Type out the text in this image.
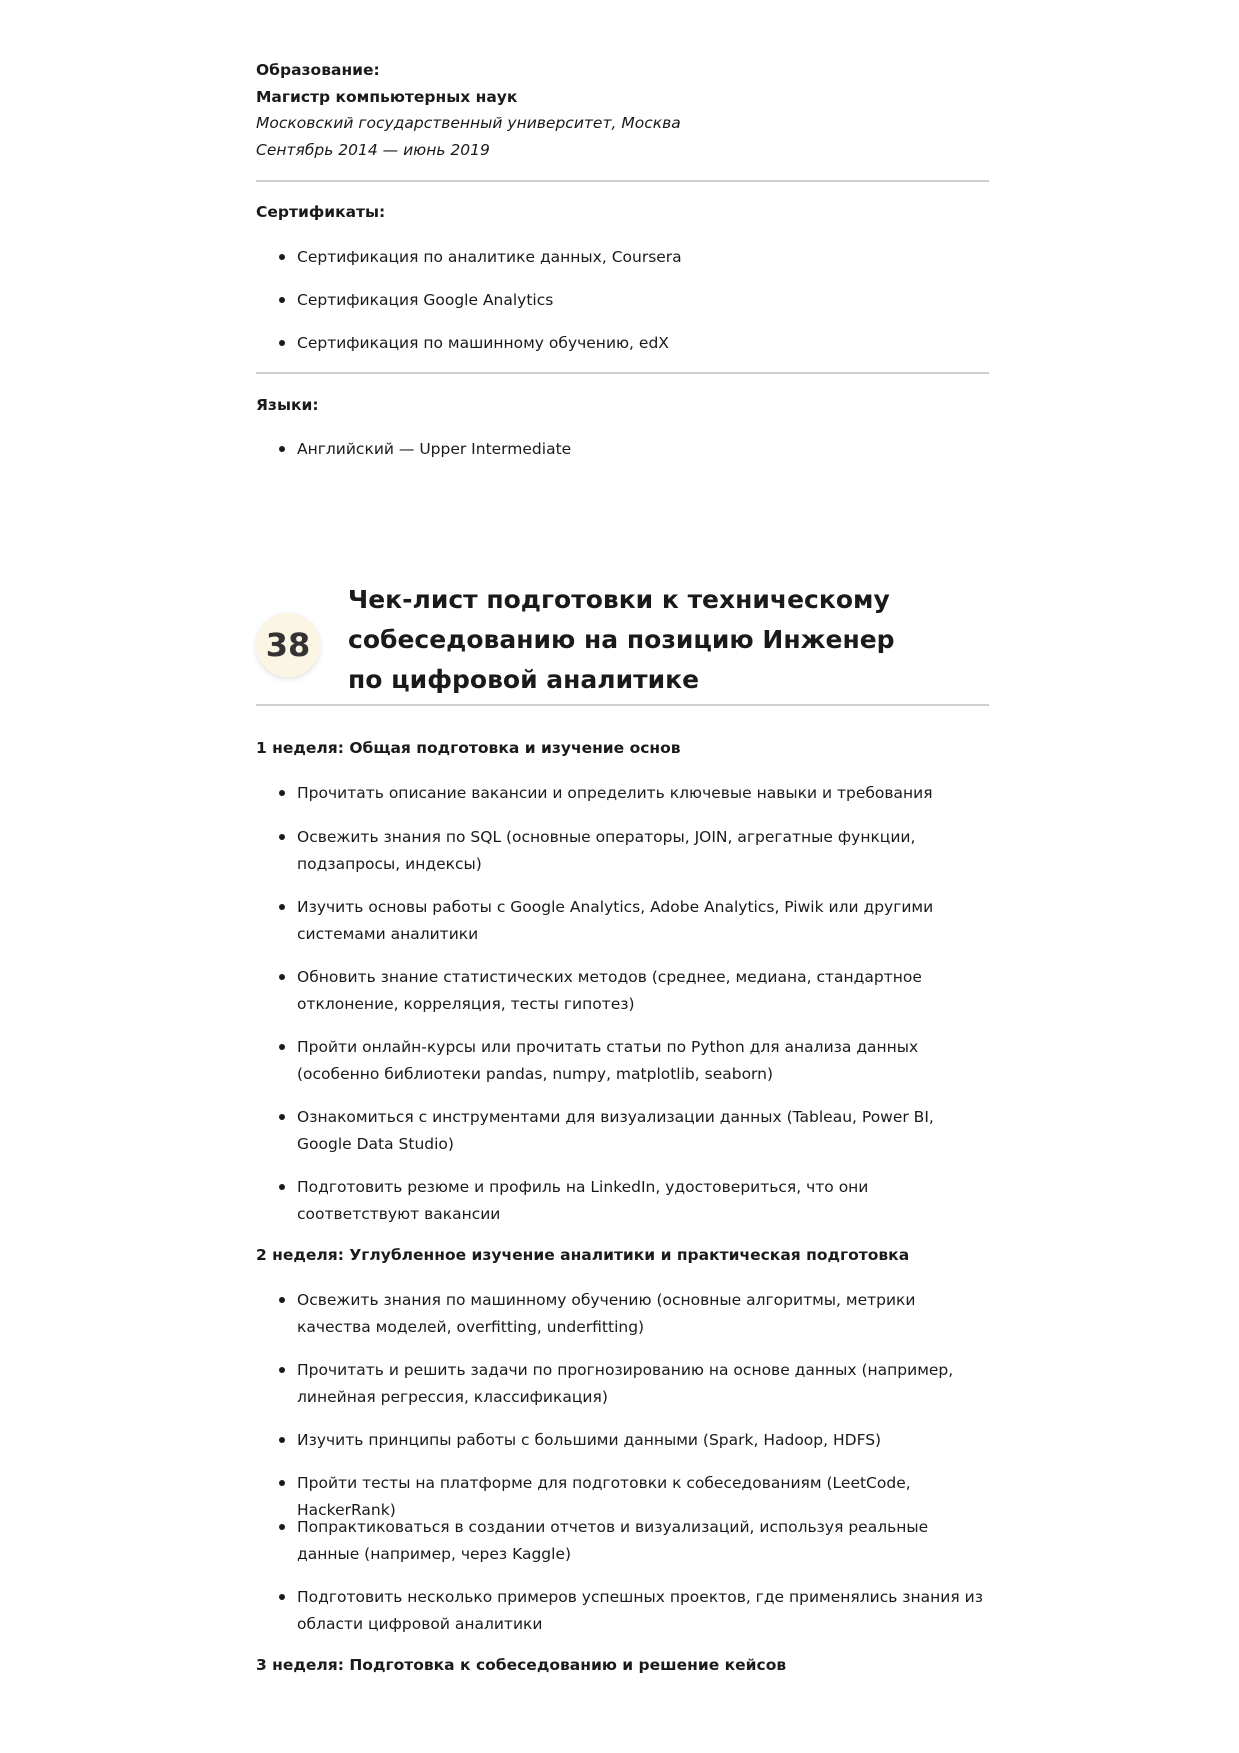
Образование:
Магистр компьютерных наук
Московский государственный университет, Москва
Сентябрь 2014 — июнь 2019
Сертификаты:
Сертификация по аналитике данных, Coursera
Сертификация Google Analytics
Сертификация по машинному обучению, edX
Языки:
Английский — Upper Intermediate
38
Чек-лист подготовки к техническому собеседованию на позицию Инженер по цифровой аналитике
1 неделя: Общая подготовка и изучение основ
Прочитать описание вакансии и определить ключевые навыки и требования
Освежить знания по SQL (основные операторы, JOIN, агрегатные функции, подзапросы, индексы)
Изучить основы работы с Google Analytics, Adobe Analytics, Piwik или другими системами аналитики
Обновить знание статистических методов (среднее, медиана, стандартное отклонение, корреляция, тесты гипотез)
Пройти онлайн-курсы или прочитать статьи по Python для анализа данных (особенно библиотеки pandas, numpy, matplotlib, seaborn)
Ознакомиться с инструментами для визуализации данных (Tableau, Power BI, Google Data Studio)
Подготовить резюме и профиль на LinkedIn, удостовериться, что они соответствуют вакансии
2 неделя: Углубленное изучение аналитики и практическая подготовка
Освежить знания по машинному обучению (основные алгоритмы, метрики качества моделей, overfitting, underfitting)
Прочитать и решить задачи по прогнозированию на основе данных (например, линейная регрессия, классификация)
Изучить принципы работы с большими данными (Spark, Hadoop, HDFS)
Пройти тесты на платформе для подготовки к собеседованиям (LeetCode, HackerRank)
Попрактиковаться в создании отчетов и визуализаций, используя реальные данные (например, через Kaggle)
Подготовить несколько примеров успешных проектов, где применялись знания из области цифровой аналитики
3 неделя: Подготовка к собеседованию и решение кейсов
